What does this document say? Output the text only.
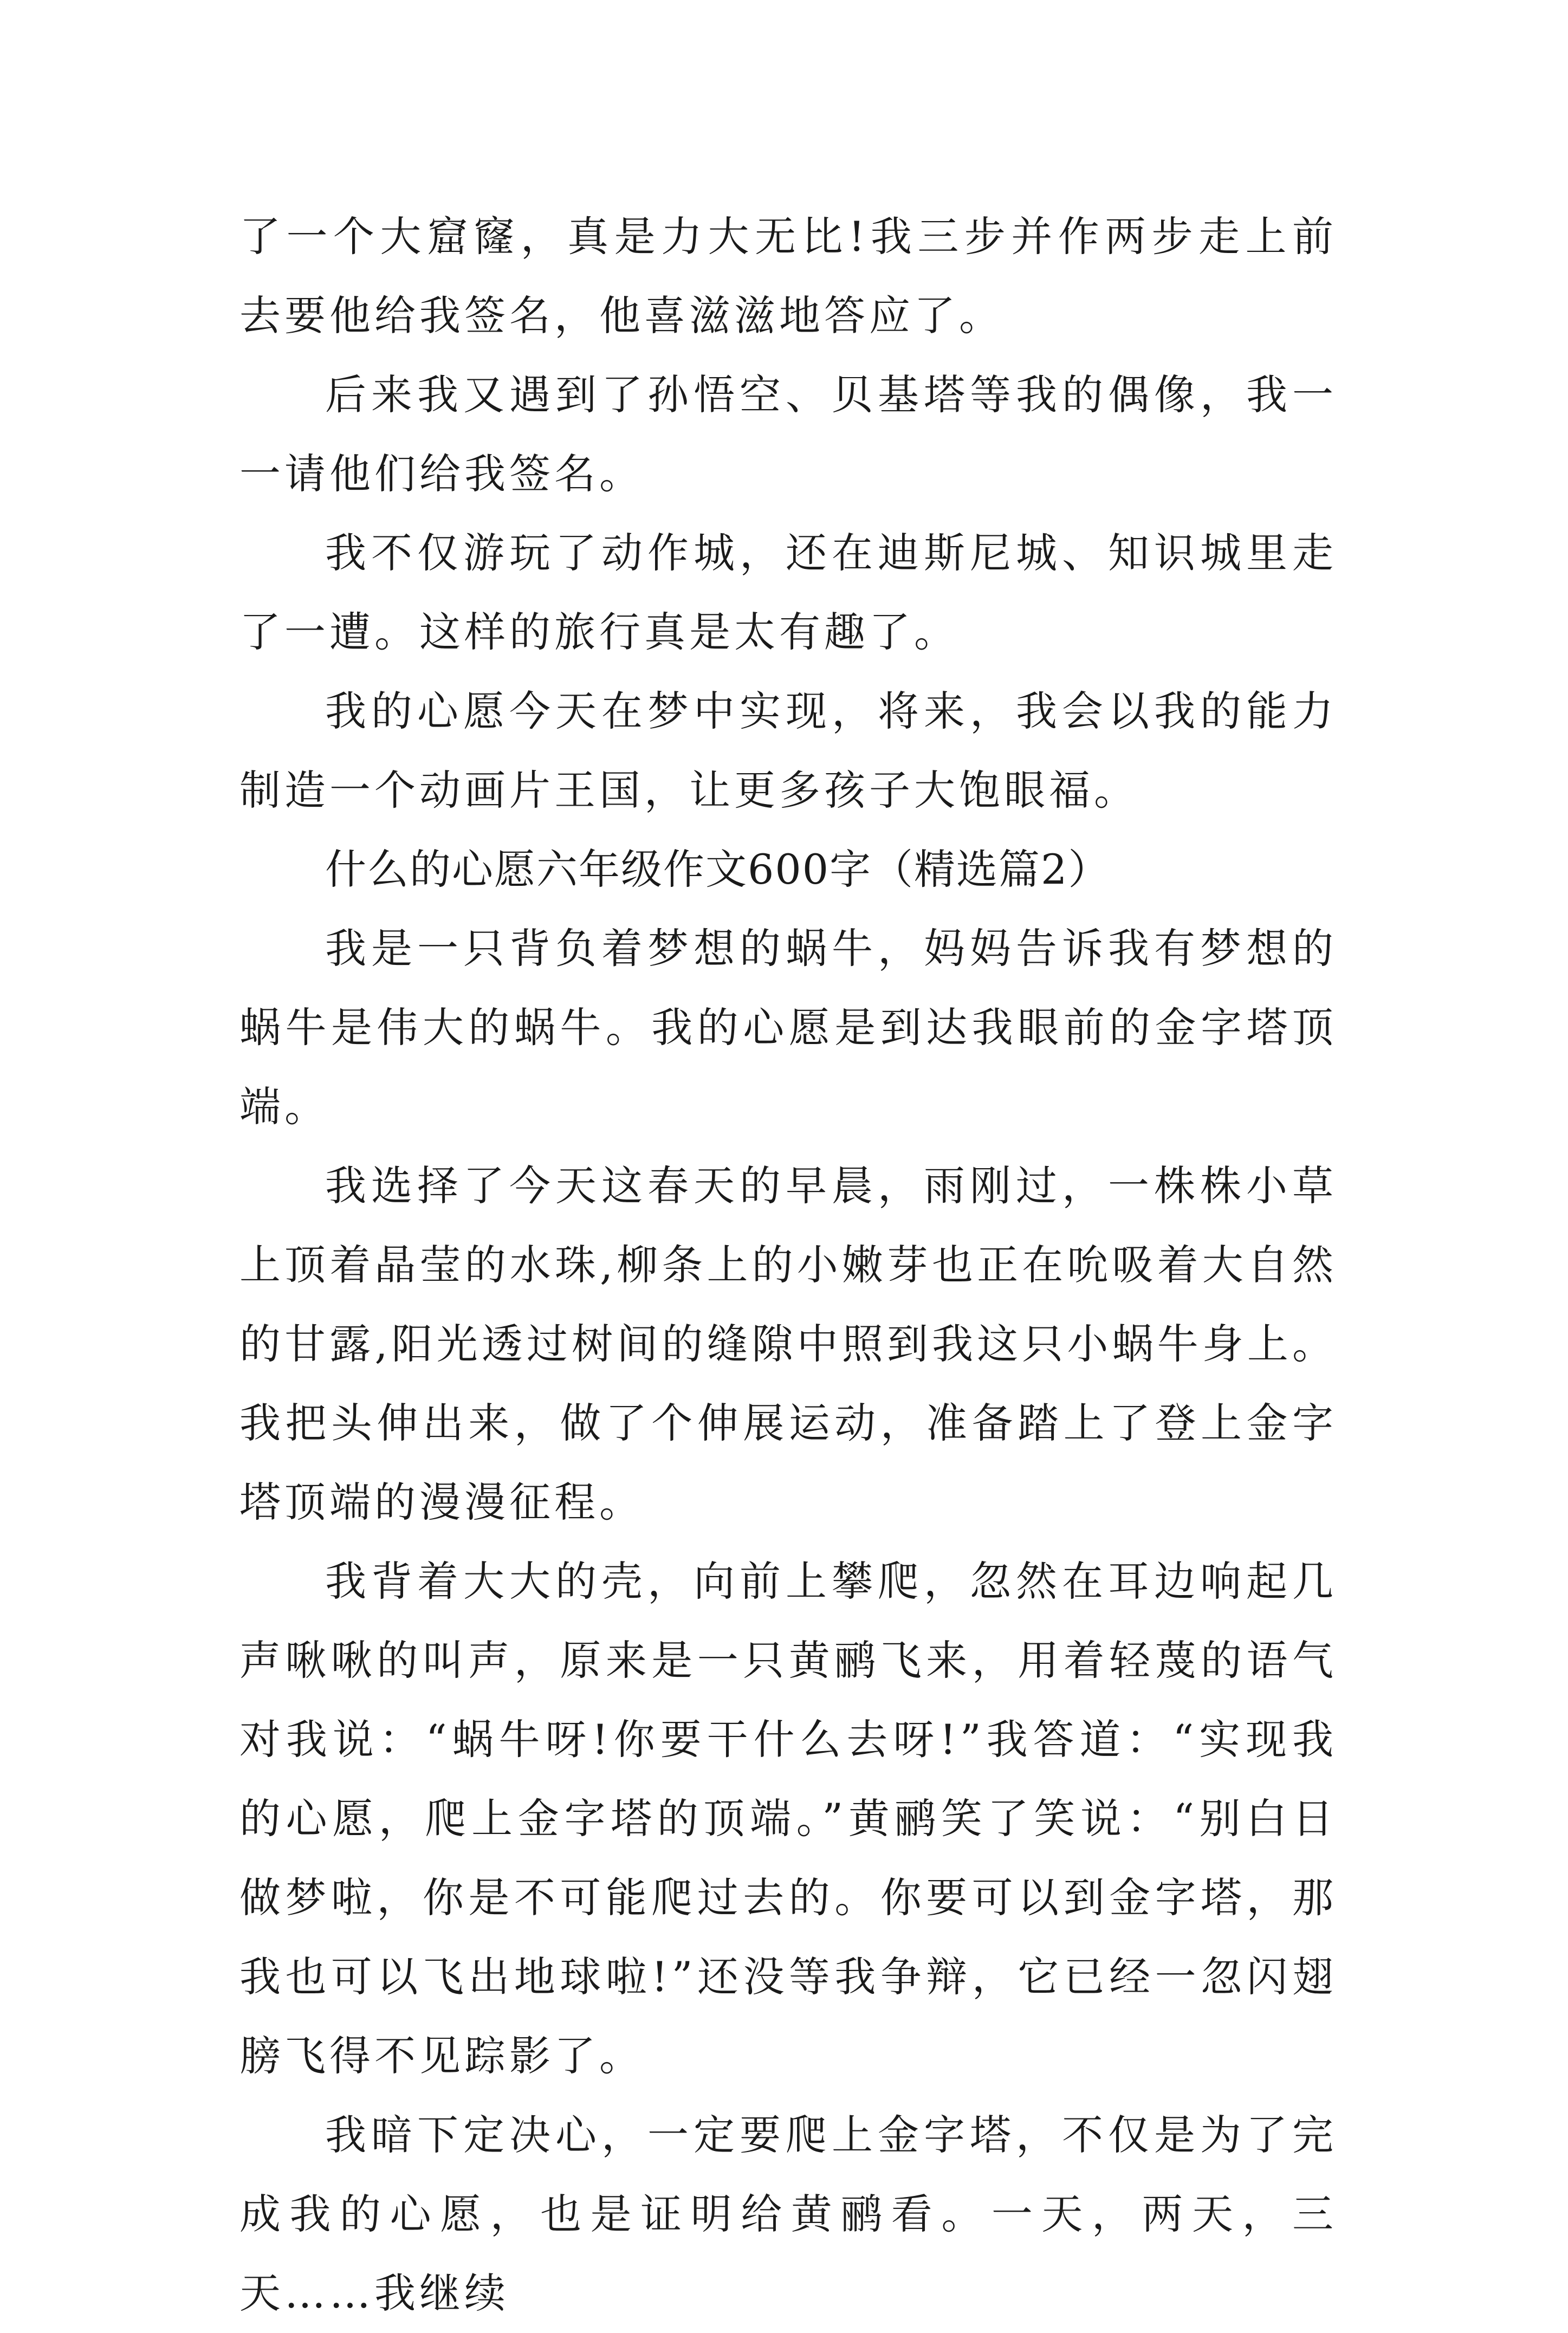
了一个大窟窿，真是力大无比!我三步并作两步走上前去要他给我签名，他喜滋滋地答应了。

后来我又遇到了孙悟空、贝基塔等我的偶像，我一一请他们给我签名。

我不仅游玩了动作城，还在迪斯尼城、知识城里走了一遭。这样的旅行真是太有趣了。

我的心愿今天在梦中实现，将来，我会以我的能力制造一个动画片王国，让更多孩子大饱眼福。

什么的心愿六年级作文600字（精选篇2）

我是一只背负着梦想的蜗牛，妈妈告诉我有梦想的蜗牛是伟大的蜗牛。我的心愿是到达我眼前的金字塔顶端。

我选择了今天这春天的早晨，雨刚过，一株株小草上顶着晶莹的水珠,柳条上的小嫩芽也正在吮吸着大自然的甘露,阳光透过树间的缝隙中照到我这只小蜗牛身上。我把头伸出来，做了个伸展运动，准备踏上了登上金字塔顶端的漫漫征程。

我背着大大的壳，向前上攀爬，忽然在耳边响起几声啾啾的叫声，原来是一只黄鹂飞来，用着轻蔑的语气对我说：“蜗牛呀!你要干什么去呀!”我答道：“实现我的心愿，爬上金字塔的顶端。”黄鹂笑了笑说：“别白日做梦啦，你是不可能爬过去的。你要可以到金字塔，那我也可以飞出地球啦!”还没等我争辩，它已经一忽闪翅膀飞得不见踪影了。

我暗下定决心，一定要爬上金字塔，不仅是为了完成我的心愿，也是证明给黄鹂看。一天，两天，三天……我继续
